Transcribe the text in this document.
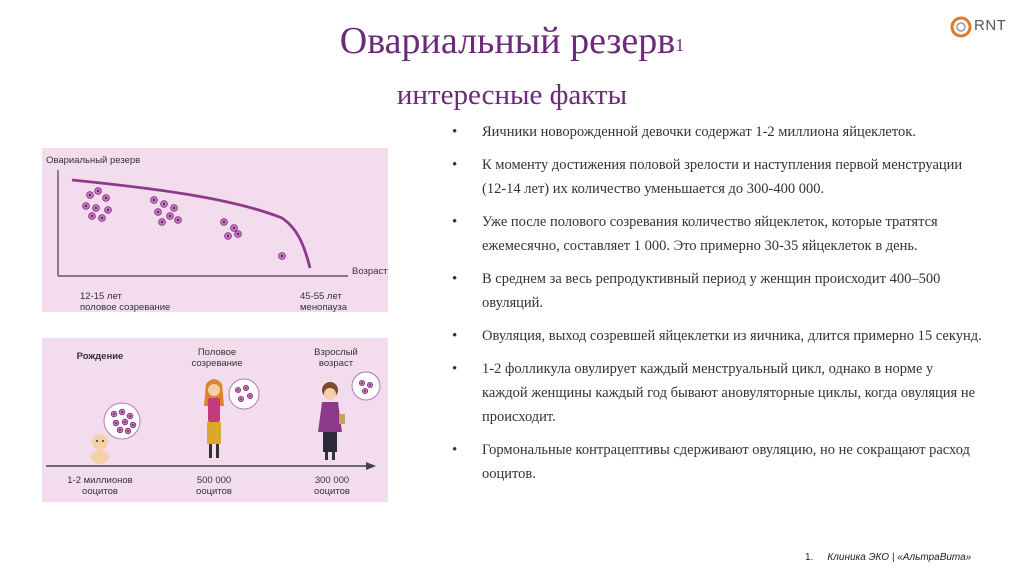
Овариальный резерв$^1$
интересные факты
RNT
Овариальный резерв
Возраст
12-15 лет
половое созревание
45-55 лет
менопауза
Рождение	Половое
созревание
Взрослый
возраст
1-2 миллионов
ооцитов
500 000
ооцитов
300 000
ооцитов
• Яичники новорожденной девочки содержат 1-2 миллиона яйцеклеток.
• К моменту достижения половой зрелости и наступления первой менструации (12-14 лет) их количество уменьшается до 300-400 000.
• Уже после полового созревания количество яйцеклеток, которые тратятся ежемесячно, составляет 1 000. Это примерно 30-35 яйцеклеток в день.
• В среднем за весь репродуктивный период у женщин происходит 400–500 овуляций.
• Овуляция, выход созревшей яйцеклетки из яичника, длится примерно 15 секунд.
• 1-2 фолликула овулирует каждый менструальный цикл, однако в норме у каждой женщины каждый год бывают ановуляторные циклы, когда овуляция не происходит.
• Гормональные контрацептивы сдерживают овуляцию, но не сокращают расход ооцитов.
1. Клиника ЭКО | «АльтраВита»
